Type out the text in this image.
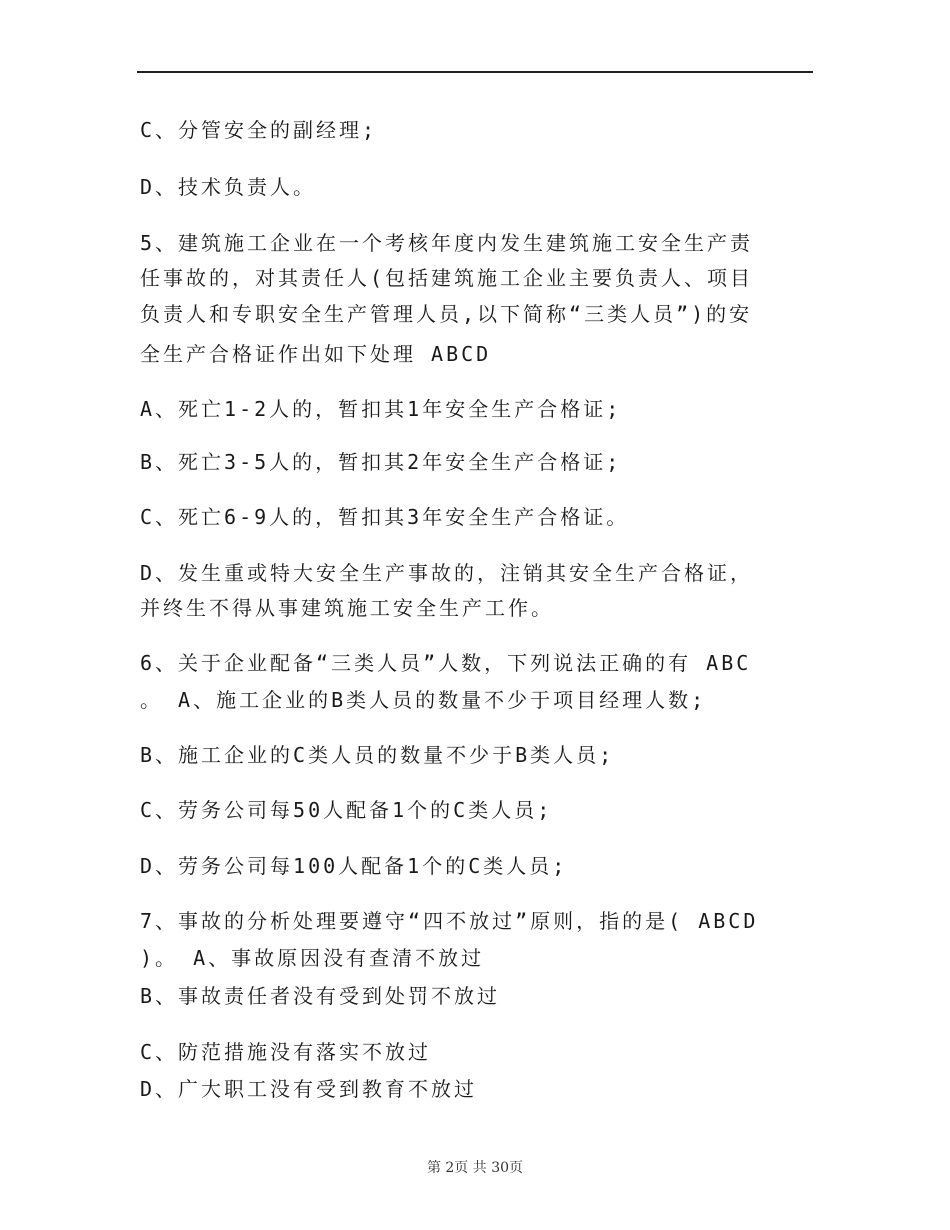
C、分管安全的副经理;
D、技术负责人。
5、建筑施工企业在一个考核年度内发生建筑施工安全生产责
任事故的，对其责任人(包括建筑施工企业主要负责人、项目
负责人和专职安全生产管理人员,以下简称“三类人员”)的安
全生产合格证作出如下处理 ABCD
A、死亡1-2人的，暂扣其1年安全生产合格证;
B、死亡3-5人的，暂扣其2年安全生产合格证;
C、死亡6-9人的，暂扣其3年安全生产合格证。
D、发生重或特大安全生产事故的，注销其安全生产合格证，
并终生不得从事建筑施工安全生产工作。
6、关于企业配备“三类人员”人数，下列说法正确的有 ABC
。 A、施工企业的B类人员的数量不少于项目经理人数;
B、施工企业的C类人员的数量不少于B类人员;
C、劳务公司每50人配备1个的C类人员;
D、劳务公司每100人配备1个的C类人员;
7、事故的分析处理要遵守“四不放过”原则，指的是( ABCD
)。 A、事故原因没有查清不放过
B、事故责任者没有受到处罚不放过
C、防范措施没有落实不放过
D、广大职工没有受到教育不放过
第 2页 共 30页
